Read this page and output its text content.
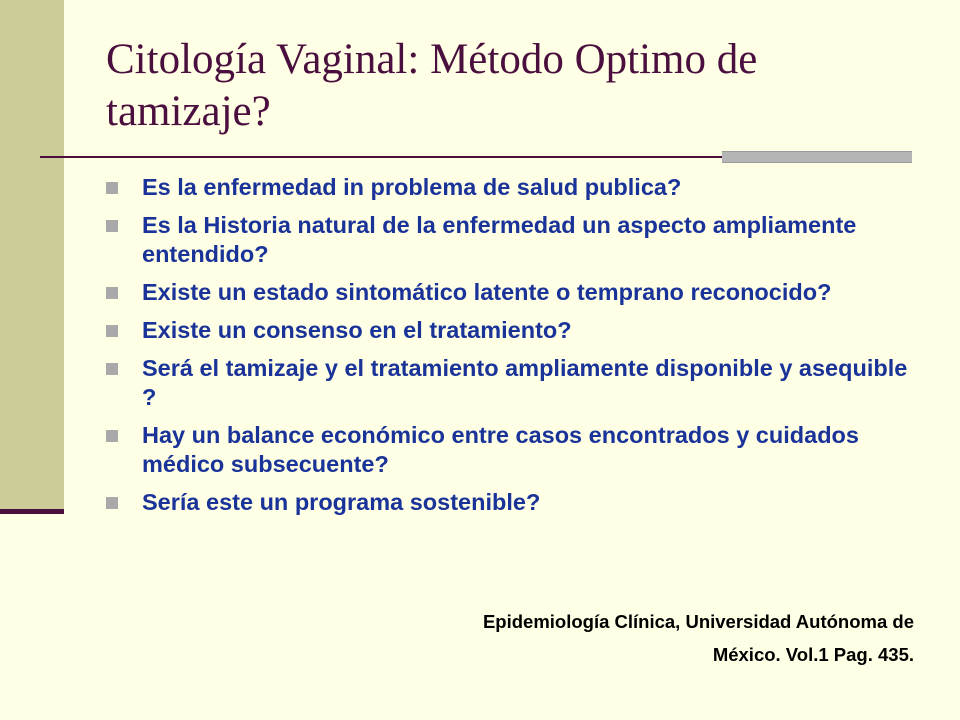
Citología Vaginal: Método Optimo de tamizaje?
Es la enfermedad in problema de salud publica?
Es la Historia natural de la enfermedad un aspecto ampliamente entendido?
Existe un estado sintomático latente o temprano reconocido?
Existe un consenso en el tratamiento?
Será el tamizaje y el tratamiento ampliamente disponible y asequible ?
Hay un balance económico entre casos encontrados y cuidados médico subsecuente?
Sería este un programa sostenible?
Epidemiología Clínica, Universidad Autónoma de
México. Vol.1 Pag. 435.
